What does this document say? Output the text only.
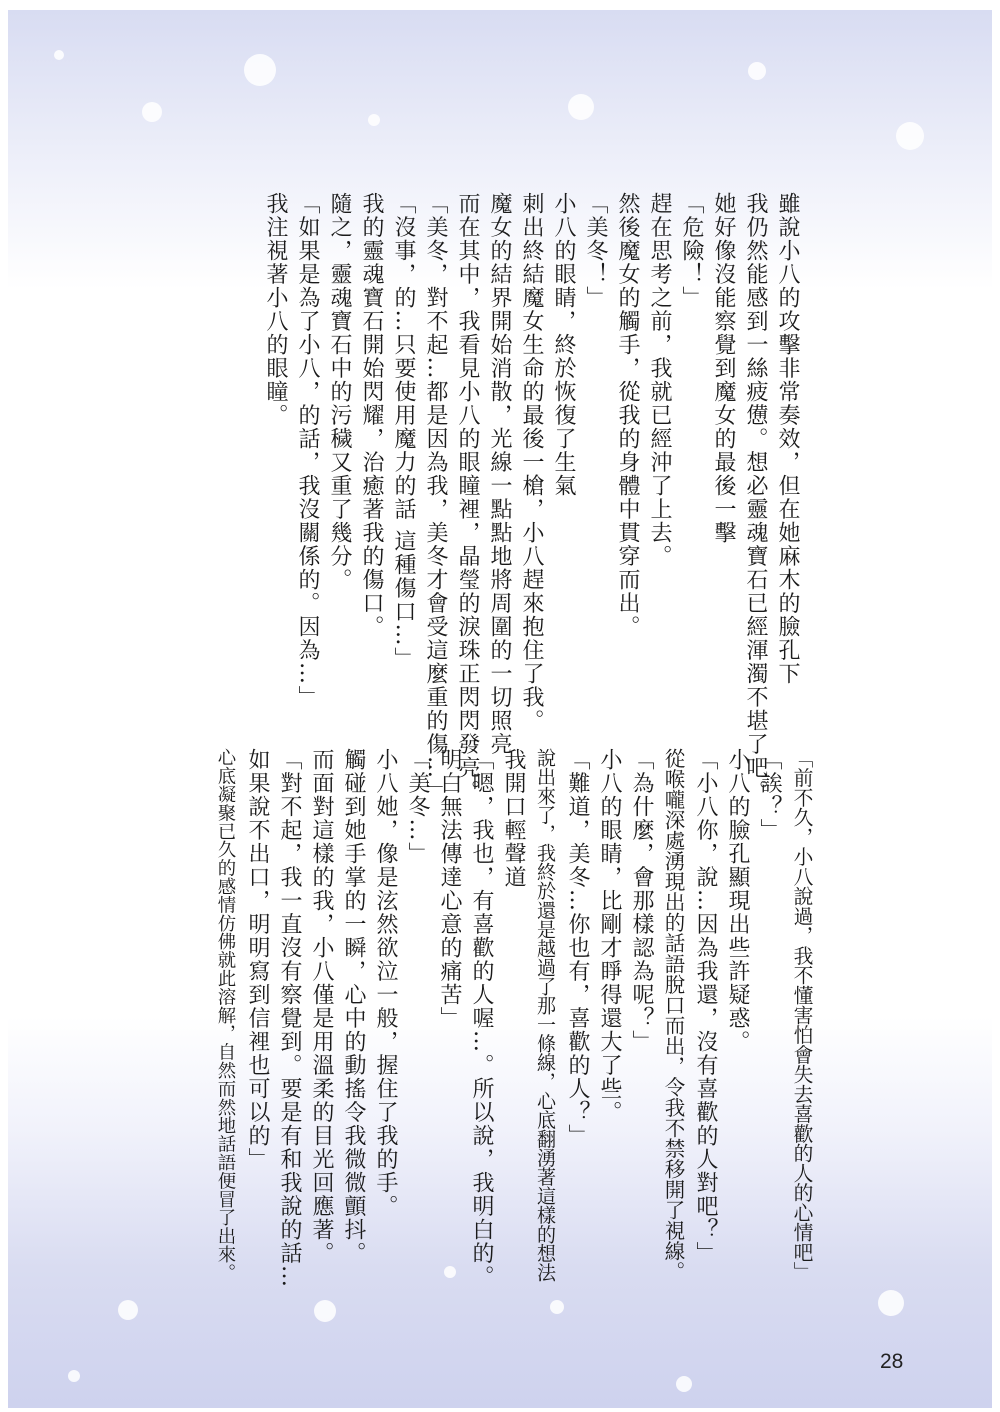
雖說小八的攻擊非常奏效，但在她麻木的臉孔下
我仍然能感到一絲疲憊。想必靈魂寶石已經渾濁不堪了吧。
她好像沒能察覺到魔女的最後一擊
「危險！」
趕在思考之前，我就已經沖了上去。
然後魔女的觸手，從我的身體中貫穿而出。
「美冬！」
小八的眼睛，終於恢復了生氣
刺出終結魔女生命的最後一槍，小八趕來抱住了我。
魔女的結界開始消散，光線一點點地將周圍的一切照亮
而在其中，我看見小八的眼瞳裡，晶瑩的淚珠正閃閃發亮。
「美冬，對不起…都是因為我，美冬才會受這麼重的傷…」
「沒事，的…只要使用魔力的話 這種傷口…」
我的靈魂寶石開始閃耀，治癒著我的傷口。
隨之，靈魂寶石中的污穢又重了幾分。
「如果是為了小八，的話，我沒關係的。因為…」
我注視著小八的眼瞳。
「前不久，小八說過，我不懂害怕會失去喜歡的人的心情吧」
「誒？」
小八的臉孔顯現出些許疑惑。
「小八你，說…因為我還，沒有喜歡的人對吧？」
從喉嚨深處湧現出的話語脫口而出，令我不禁移開了視線。
「為什麼，會那樣認為呢？」
小八的眼睛，比剛才睜得還大了些。
「難道，美冬…你也有，喜歡的人？」
說出來了，我終於還是越過了那一條線，心底翻湧著這樣的想法
我開口輕聲道
「嗯，我也，有喜歡的人喔…。所以說，我明白的。
明白無法傳達心意的痛苦」
「美冬…」
小八她，像是泫然欲泣一般，握住了我的手。
觸碰到她手掌的一瞬，心中的動搖令我微微顫抖。
而面對這樣的我，小八僅是用溫柔的目光回應著。
「對不起，我一直沒有察覺到。要是有和我說的話…
如果說不出口，明明寫到信裡也可以的」
心底凝聚已久的感情仿佛就此溶解，自然而然地話語便冒了出來。
28
